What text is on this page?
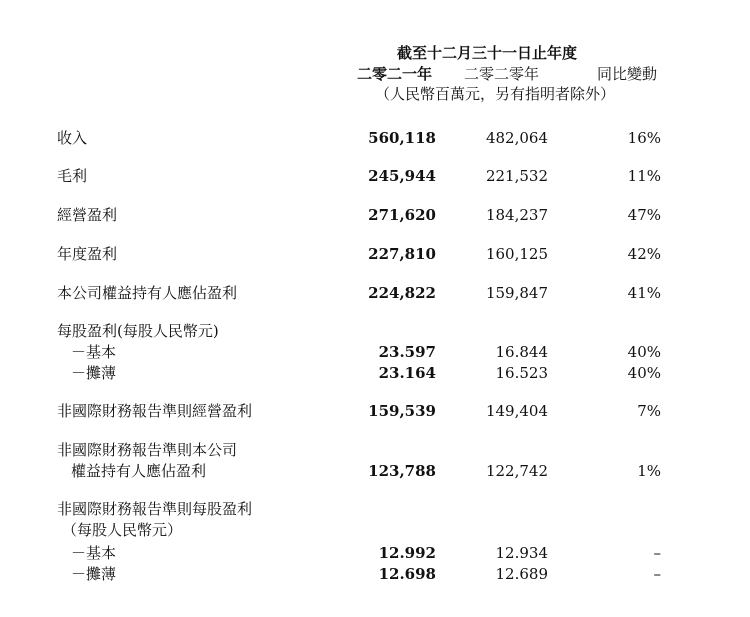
截至十二月三十一日止年度
二零二一年 二零二零年	同比變動
（人民幣百萬元，另有指明者除外）
收入	560,118	482,064	16%
毛利	245,944	221,532	11%
經營盈利	271,620	184,237	47%
年度盈利	227,810	160,125	42%
本公司權益持有人應佔盈利	224,822	159,847	41%
每股盈利(每股人民幣元)
－基本	23.597	16.844	40%
－攤薄	23.164	16.523	40%
非國際財務報告準則經營盈利	159,539	149,404	7%
非國際財務報告準則本公司
權益持有人應佔盈利	123,788	122,742	1%
非國際財務報告準則每股盈利
（每股人民幣元）
－基本	12.992	12.934	–
－攤薄	12.698	12.689	–
